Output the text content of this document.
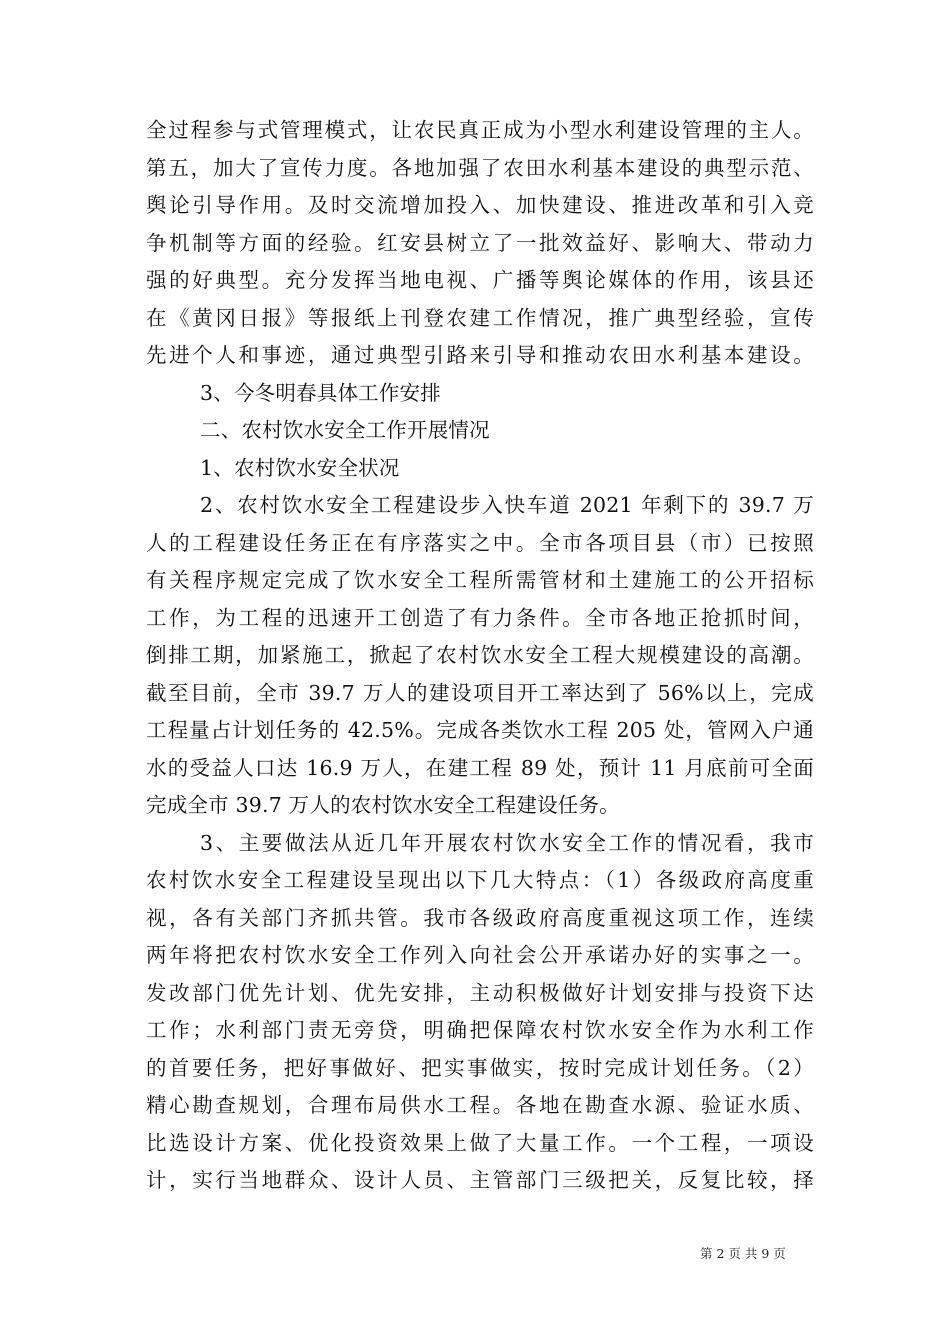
全过程参与式管理模式，让农民真正成为小型水利建设管理的主人。
第五，加大了宣传力度。各地加强了农田水利基本建设的典型示范、
舆论引导作用。及时交流增加投入、加快建设、推进改革和引入竞
争机制等方面的经验。红安县树立了一批效益好、影响大、带动力
强的好典型。充分发挥当地电视、广播等舆论媒体的作用，该县还
在《黄冈日报》等报纸上刊登农建工作情况，推广典型经验，宣传
先进个人和事迹，通过典型引路来引导和推动农田水利基本建设。
3、今冬明春具体工作安排
二、农村饮水安全工作开展情况
1、农村饮水安全状况
2、农村饮水安全工程建设步入快车道 2021 年剩下的 39.7 万
人的工程建设任务正在有序落实之中。全市各项目县（市）已按照
有关程序规定完成了饮水安全工程所需管材和土建施工的公开招标
工作，为工程的迅速开工创造了有力条件。全市各地正抢抓时间，
倒排工期，加紧施工，掀起了农村饮水安全工程大规模建设的高潮。
截至目前，全市 39.7 万人的建设项目开工率达到了 56%以上，完成
工程量占计划任务的 42.5%。完成各类饮水工程 205 处，管网入户通
水的受益人口达 16.9 万人，在建工程 89 处，预计 11 月底前可全面
完成全市 39.7 万人的农村饮水安全工程建设任务。
3、主要做法从近几年开展农村饮水安全工作的情况看，我市
农村饮水安全工程建设呈现出以下几大特点：（1）各级政府高度重
视，各有关部门齐抓共管。我市各级政府高度重视这项工作，连续
两年将把农村饮水安全工作列入向社会公开承诺办好的实事之一。
发改部门优先计划、优先安排，主动积极做好计划安排与投资下达
工作；水利部门责无旁贷，明确把保障农村饮水安全作为水利工作
的首要任务，把好事做好、把实事做实，按时完成计划任务。（2）
精心勘查规划，合理布局供水工程。各地在勘查水源、验证水质、
比选设计方案、优化投资效果上做了大量工作。一个工程，一项设
计，实行当地群众、设计人员、主管部门三级把关，反复比较，择
第 2 页 共 9 页
